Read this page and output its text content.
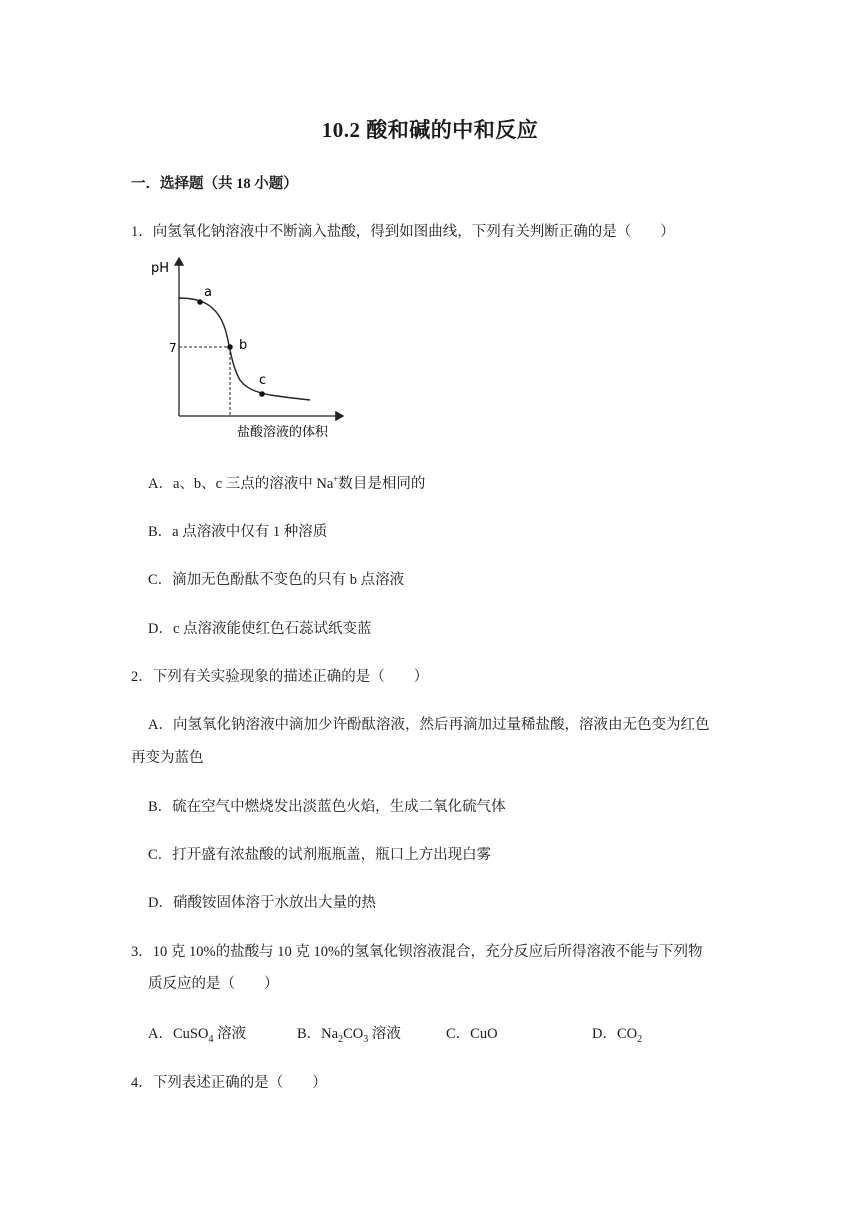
10.2 酸和碱的中和反应
一．选择题（共 18 小题）
1．向氢氧化钠溶液中不断滴入盐酸，得到如图曲线，下列有关判断正确的是（　　）
pH
盐酸溶液的体积
7
a
b
c
A．a、b、c 三点的溶液中 Na+数目是相同的
B．a 点溶液中仅有 1 种溶质
C．滴加无色酚酞不变色的只有 b 点溶液
D．c 点溶液能使红色石蕊试纸变蓝
2．下列有关实验现象的描述正确的是（　　）
A．向氢氧化钠溶液中滴加少许酚酞溶液，然后再滴加过量稀盐酸，溶液由无色变为红色
再变为蓝色
B．硫在空气中燃烧发出淡蓝色火焰，生成二氧化硫气体
C．打开盛有浓盐酸的试剂瓶瓶盖，瓶口上方出现白雾
D．硝酸铵固体溶于水放出大量的热
3．10 克 10%的盐酸与 10 克 10%的氢氧化钡溶液混合，充分反应后所得溶液不能与下列物
质反应的是（　　）
A．CuSO$_4$ 溶液	B．$Na_2CO_3$ 溶液	C．CuO	D．$CO_2$
4．下列表述正确的是（　　）
